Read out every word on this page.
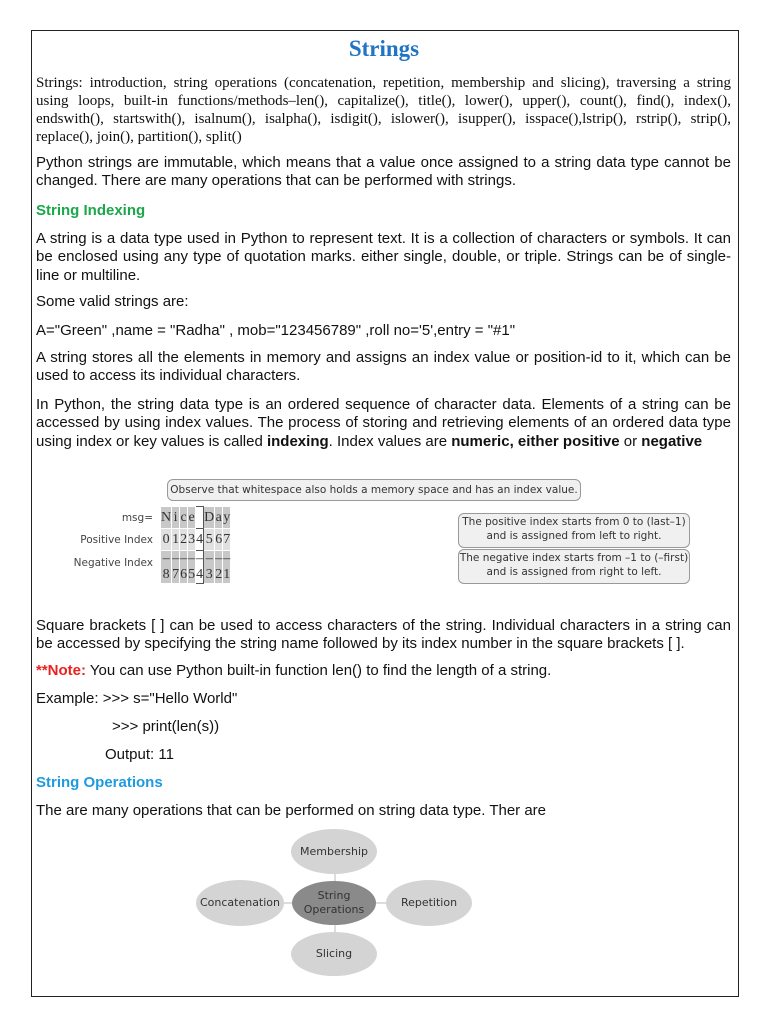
Strings

Strings: introduction, string operations (concatenation, repetition, membership and slicing), traversing a string using loops, built-in functions/methods–len(), capitalize(), title(), lower(), upper(), count(), find(), index(), endswith(), startswith(), isalnum(), isalpha(), isdigit(), islower(), isupper(), isspace(),lstrip(), rstrip(), strip(), replace(), join(), partition(), split()

Python strings are immutable, which means that a value once assigned to a string data type cannot be changed. There are many operations that can be performed with strings.

String Indexing

A string is a data type used in Python to represent text. It is a collection of characters or symbols. It can be enclosed using any type of quotation marks. either single, double, or triple. Strings can be of single-line or multiline.

Some valid strings are:

A="Green" ,name = "Radha" , mob="123456789" ,roll no='5',entry = "#1"

A string stores all the elements in memory and assigns an index value or position-id to it, which can be used to access its individual characters.

In Python, the string data type is an ordered sequence of character data. Elements of a string can be accessed by using index values. The process of storing and retrieving elements of an ordered data type using index or key values is called indexing. Index values are numeric, either positive or negative

Observe that whitespace also holds a memory space and has an index value.
msg=
Positive Index
Negative Index
N	i	c	e		D	a	y
0	1	2	3	4	5	6	7
–8	–7	–6	–5	–4	–3	–2	–1
The positive index starts from 0 to (last–1) and is assigned from left to right.
The negative index starts from –1 to (–first) and is assigned from right to left.

Square brackets [ ] can be used to access characters of the string. Individual characters in a string can be accessed by specifying the string name followed by its index number in the square brackets [ ].

**Note: You can use Python built-in function len() to find the length of a string.

Example: >>> s="Hello World"

>>> print(len(s))

Output: 11

String Operations

The are many operations that can be performed on string data type. Ther are

Membership
Concatenation	Repetition
Slicing
String Operations
